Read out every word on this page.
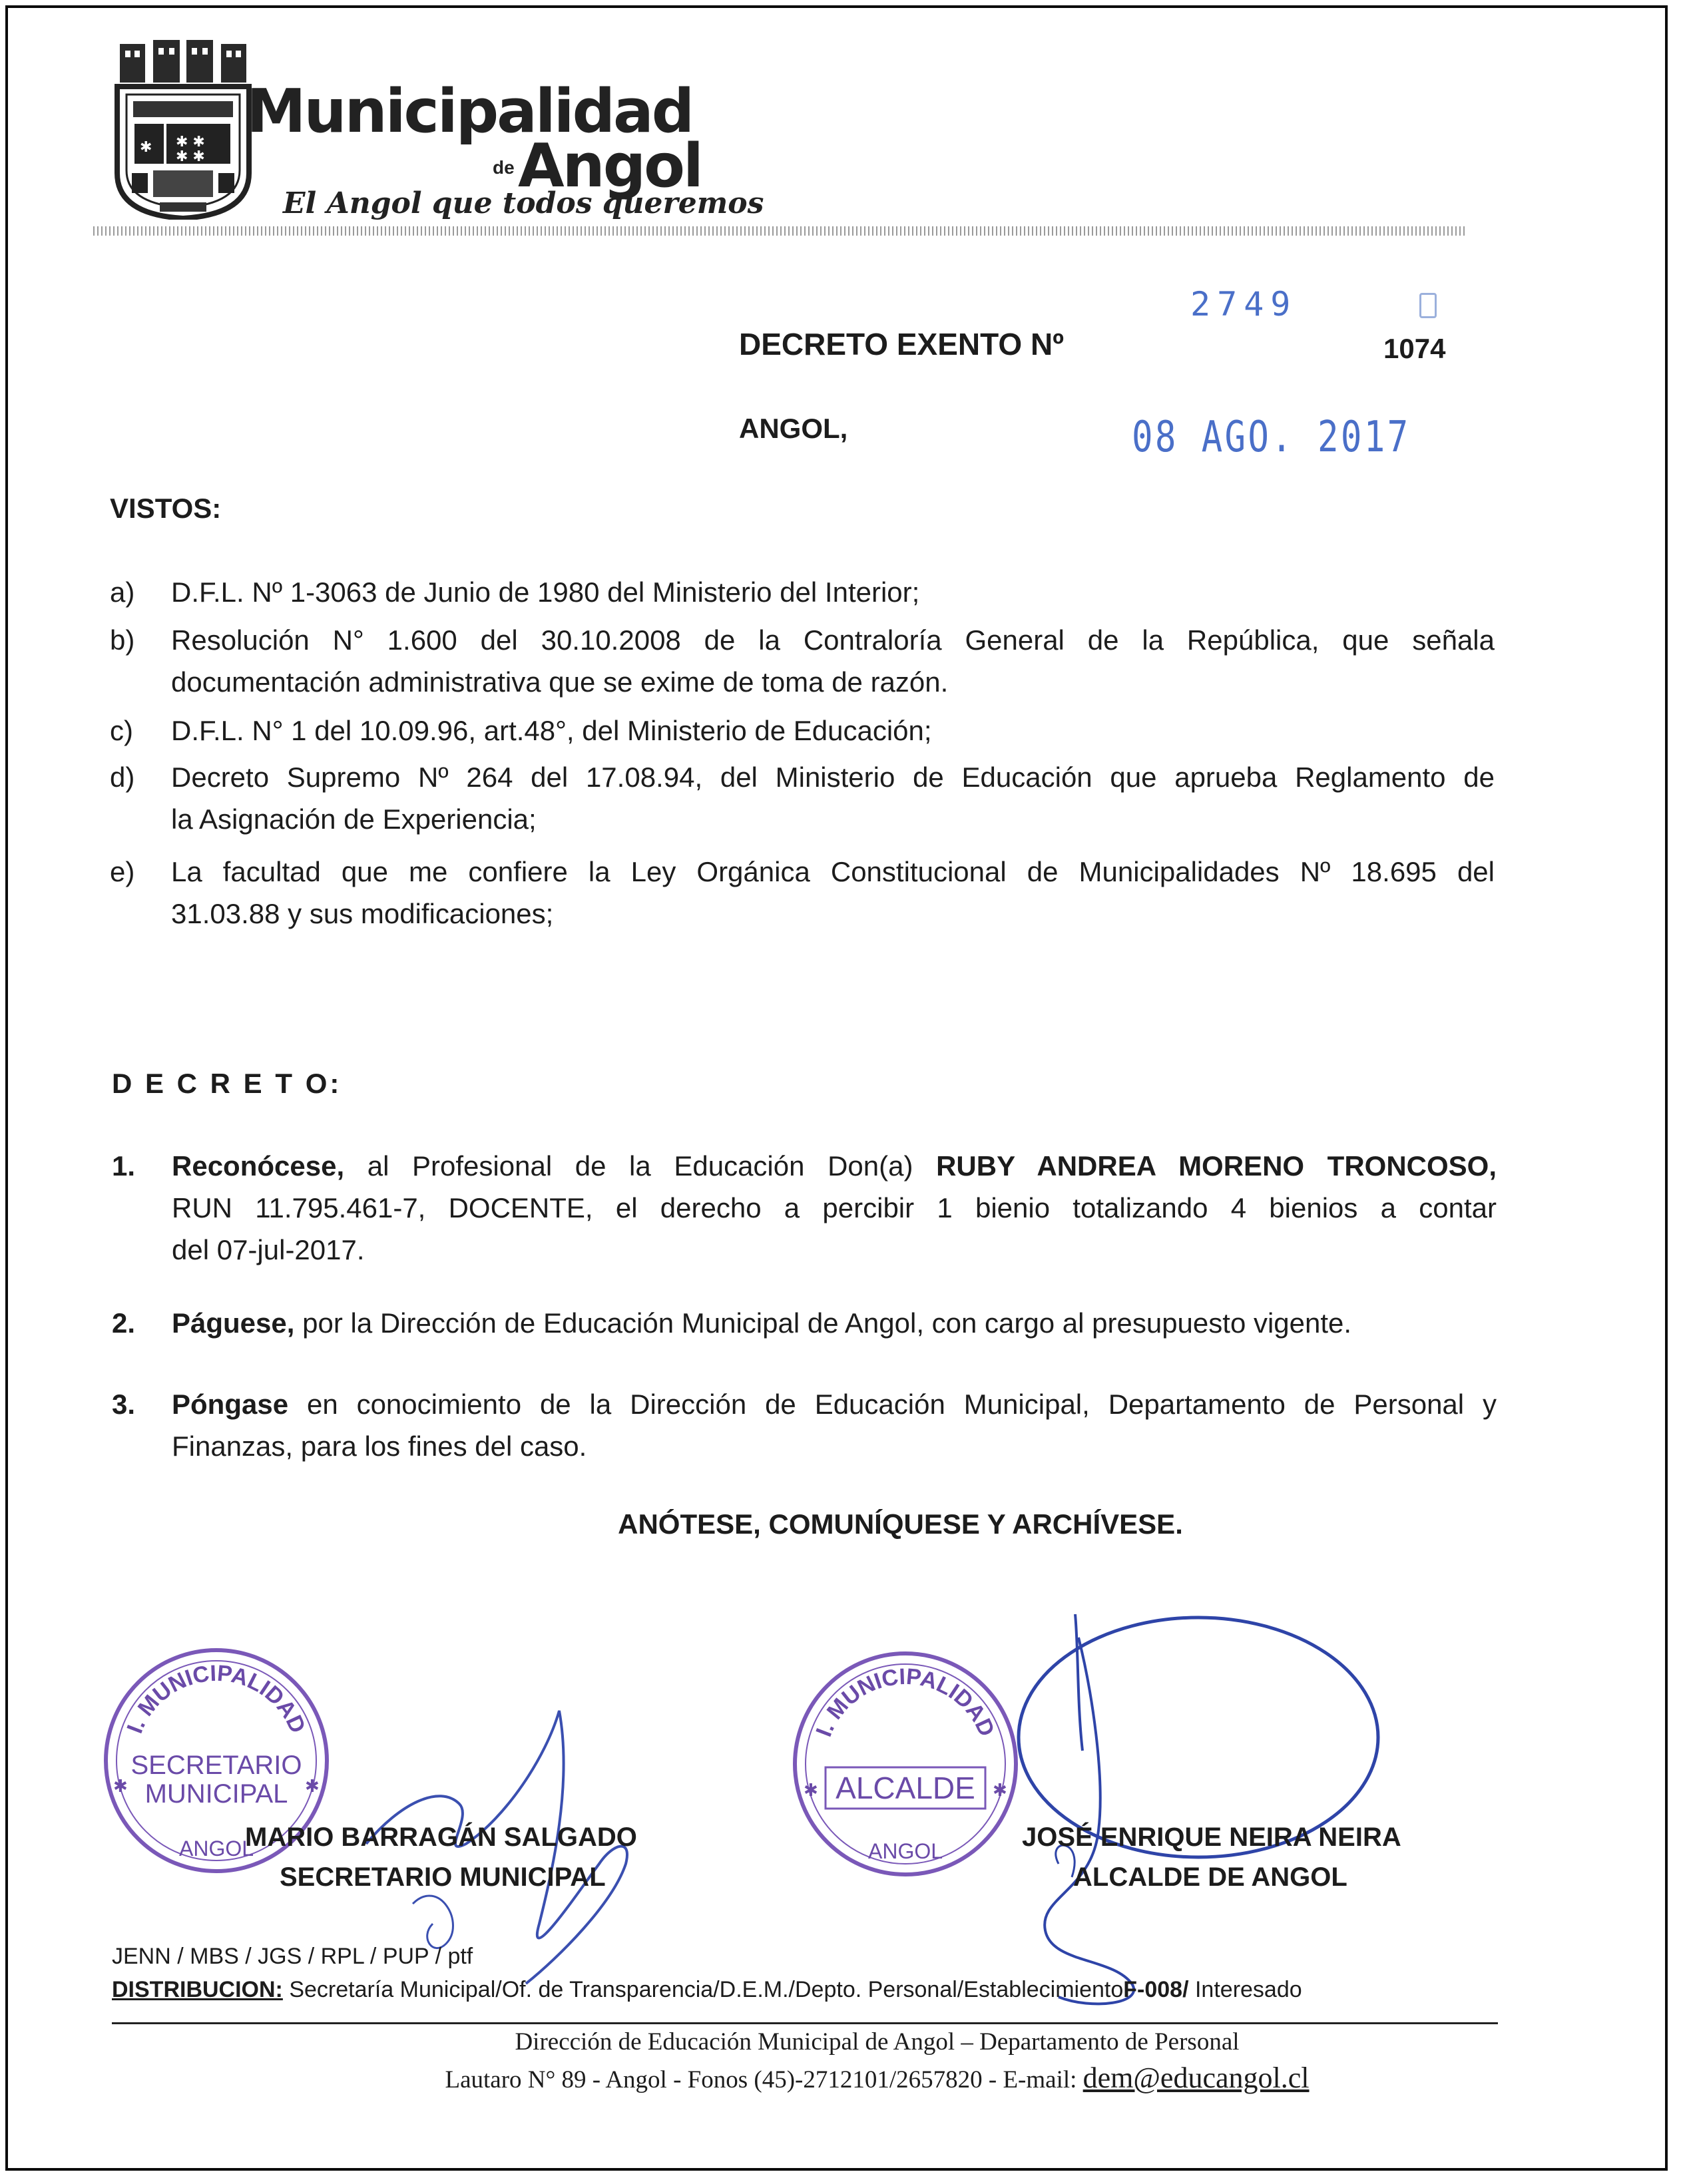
✱ ✱ ✱
✱ ✱
Municipalidad
de Angol
El Angol que todos queremos
2749
DECRETO EXENTO Nº	1074
ANGOL,	08 AGO. 2017
VISTOS:
a) D.F.L. Nº 1-3063 de Junio de 1980 del Ministerio del Interior;
b) Resolución N° 1.600 del 30.10.2008 de la Contraloría General de la República, que señala
documentación administrativa que se exime de toma de razón.
c) D.F.L. N° 1 del 10.09.96, art.48°, del Ministerio de Educación;
d) Decreto Supremo Nº 264 del 17.08.94, del Ministerio de Educación que aprueba Reglamento de
la Asignación de Experiencia;
e) La facultad que me confiere la Ley Orgánica Constitucional de Municipalidades Nº 18.695 del
31.03.88 y sus modificaciones;
D E C R E T O:
1. Reconócese, al Profesional de la Educación Don(a) RUBY ANDREA MORENO TRONCOSO,
RUN 11.795.461-7, DOCENTE, el derecho a percibir 1 bienio totalizando 4 bienios a contar
del 07-jul-2017.
2. Páguese, por la Dirección de Educación Municipal de Angol, con cargo al presupuesto vigente.
3. Póngase en conocimiento de la Dirección de Educación Municipal, Departamento de Personal y
Finanzas, para los fines del caso.
ANÓTESE, COMUNÍQUESE Y ARCHÍVESE.
I. MUNICIPALIDAD
SECRETARIO
MUNICIPAL
✱	✱
ANGOL
I. MUNICIPALIDAD
ALCALDE
✱	✱
ANGOL
MARIO BARRAGÁN SALGADO
SECRETARIO MUNICIPAL
JOSÉ ENRIQUE NEIRA NEIRA
ALCALDE DE ANGOL
JENN / MBS / JGS / RPL / PUP / ptf
DISTRIBUCION: Secretaría Municipal/Of. de Transparencia/D.E.M./Depto. Personal/EstablecimientoF-008/ Interesado
Dirección de Educación Municipal de Angol – Departamento de Personal
Lautaro N° 89 - Angol - Fonos (45)-2712101/2657820 - E-mail: dem@educangol.cl
